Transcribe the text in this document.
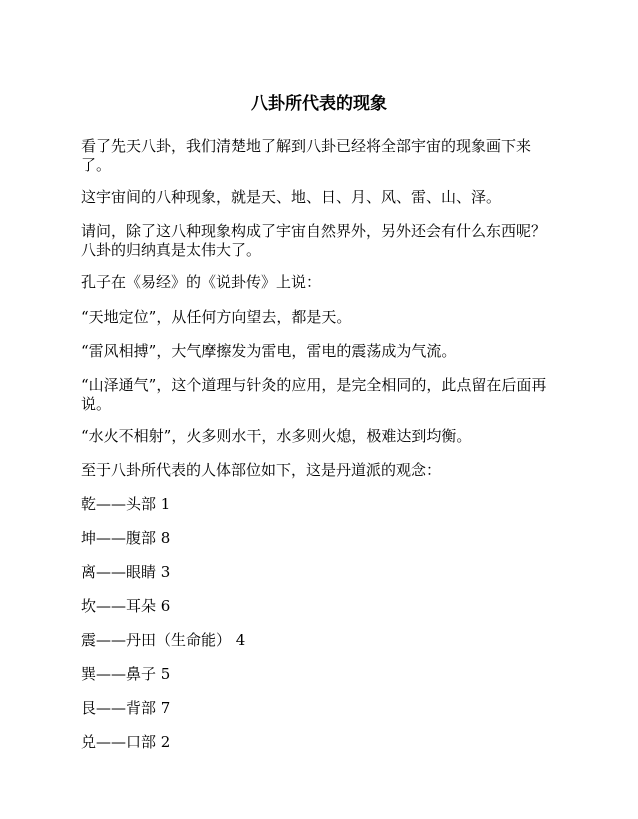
八卦所代表的现象

看了先天八卦，我们清楚地了解到八卦已经将全部宇宙的现象画下来了。

这宇宙间的八种现象，就是天、地、日、月、风、雷、山、泽。

请问，除了这八种现象构成了宇宙自然界外，另外还会有什么东西呢？八卦的归纳真是太伟大了。

孔子在《易经》的《说卦传》上说：

“天地定位”，从任何方向望去，都是天。

“雷风相搏”，大气摩擦发为雷电，雷电的震荡成为气流。

“山泽通气”，这个道理与针灸的应用，是完全相同的，此点留在后面再说。

“水火不相射”，火多则水干，水多则火熄，极难达到均衡。

至于八卦所代表的人体部位如下，这是丹道派的观念：

乾——头部 1

坤——腹部 8

离——眼睛 3

坎——耳朵 6

震——丹田（生命能） 4

巽——鼻子 5

艮——背部 7

兑——口部 2
